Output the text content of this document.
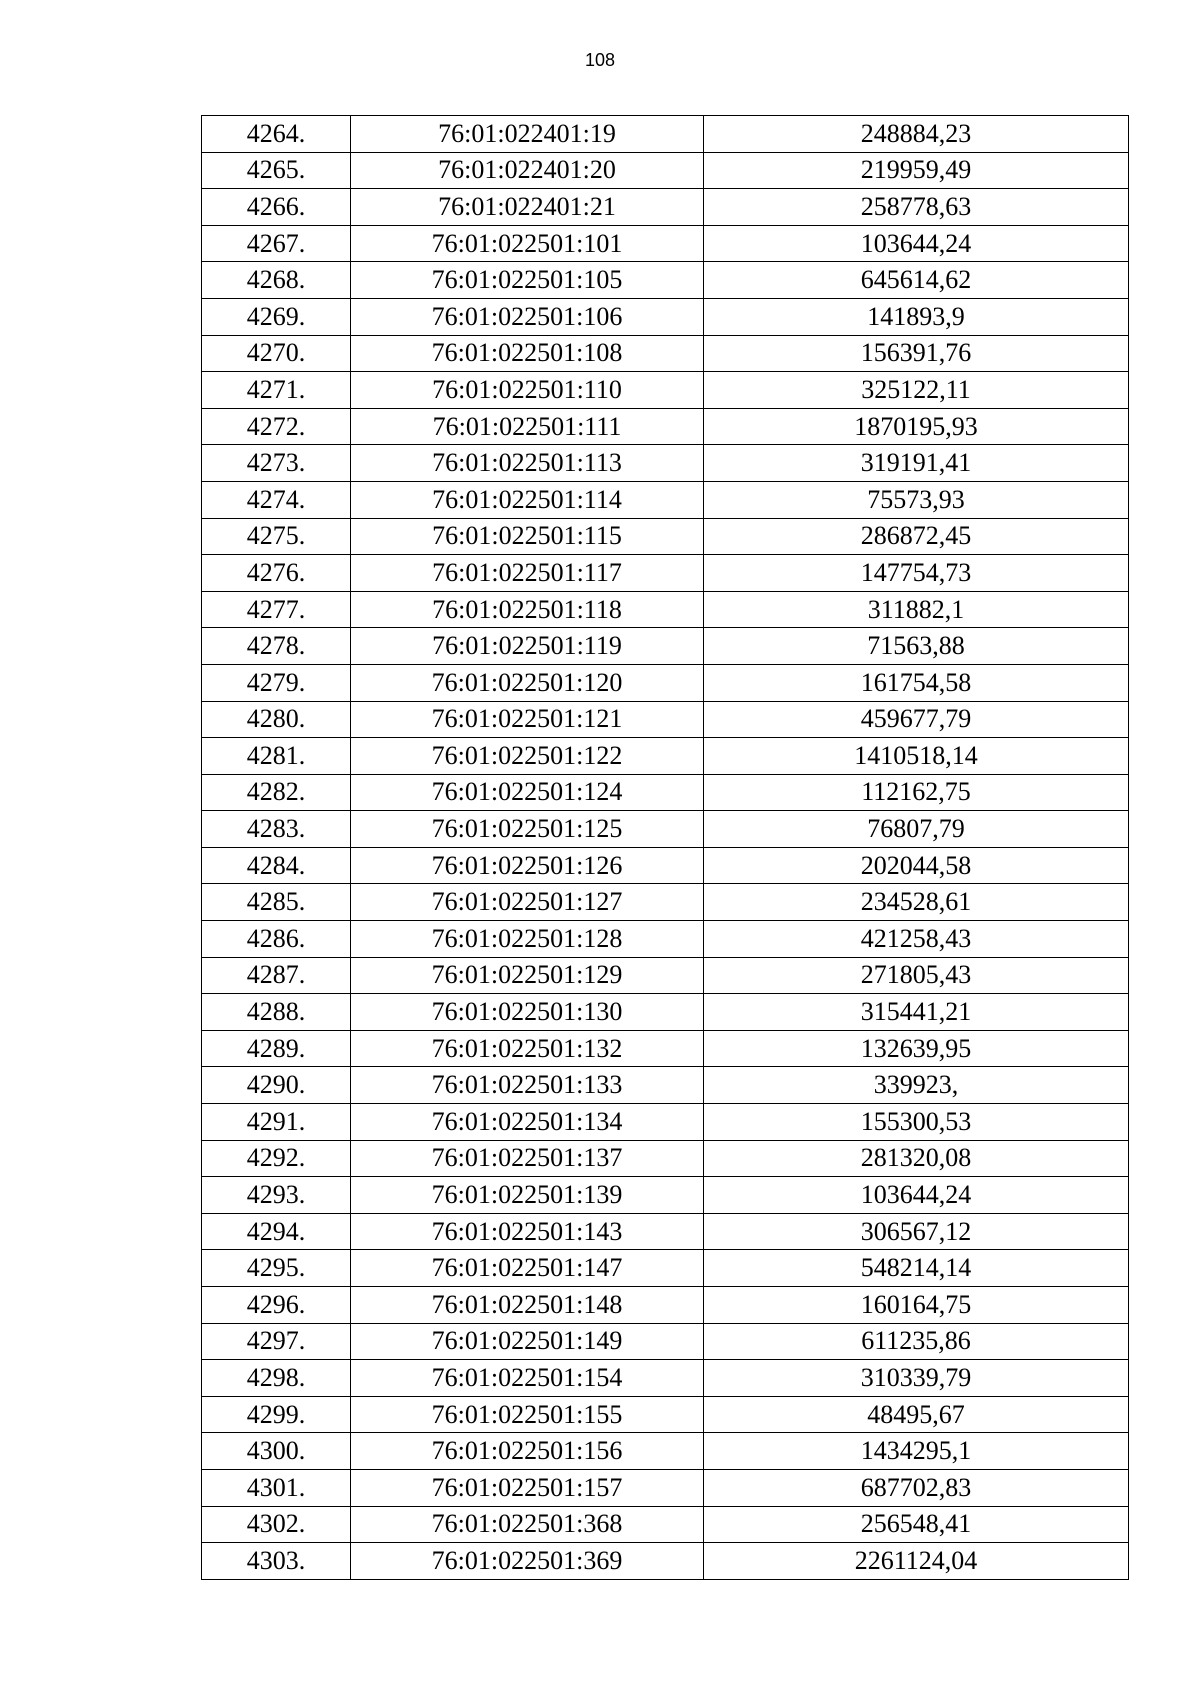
108
4264.	76:01:022401:19	248884,23
4265.	76:01:022401:20	219959,49
4266.	76:01:022401:21	258778,63
4267.	76:01:022501:101	103644,24
4268.	76:01:022501:105	645614,62
4269.	76:01:022501:106	141893,9
4270.	76:01:022501:108	156391,76
4271.	76:01:022501:110	325122,11
4272.	76:01:022501:111	1870195,93
4273.	76:01:022501:113	319191,41
4274.	76:01:022501:114	75573,93
4275.	76:01:022501:115	286872,45
4276.	76:01:022501:117	147754,73
4277.	76:01:022501:118	311882,1
4278.	76:01:022501:119	71563,88
4279.	76:01:022501:120	161754,58
4280.	76:01:022501:121	459677,79
4281.	76:01:022501:122	1410518,14
4282.	76:01:022501:124	112162,75
4283.	76:01:022501:125	76807,79
4284.	76:01:022501:126	202044,58
4285.	76:01:022501:127	234528,61
4286.	76:01:022501:128	421258,43
4287.	76:01:022501:129	271805,43
4288.	76:01:022501:130	315441,21
4289.	76:01:022501:132	132639,95
4290.	76:01:022501:133	339923,
4291.	76:01:022501:134	155300,53
4292.	76:01:022501:137	281320,08
4293.	76:01:022501:139	103644,24
4294.	76:01:022501:143	306567,12
4295.	76:01:022501:147	548214,14
4296.	76:01:022501:148	160164,75
4297.	76:01:022501:149	611235,86
4298.	76:01:022501:154	310339,79
4299.	76:01:022501:155	48495,67
4300.	76:01:022501:156	1434295,1
4301.	76:01:022501:157	687702,83
4302.	76:01:022501:368	256548,41
4303.	76:01:022501:369	2261124,04
